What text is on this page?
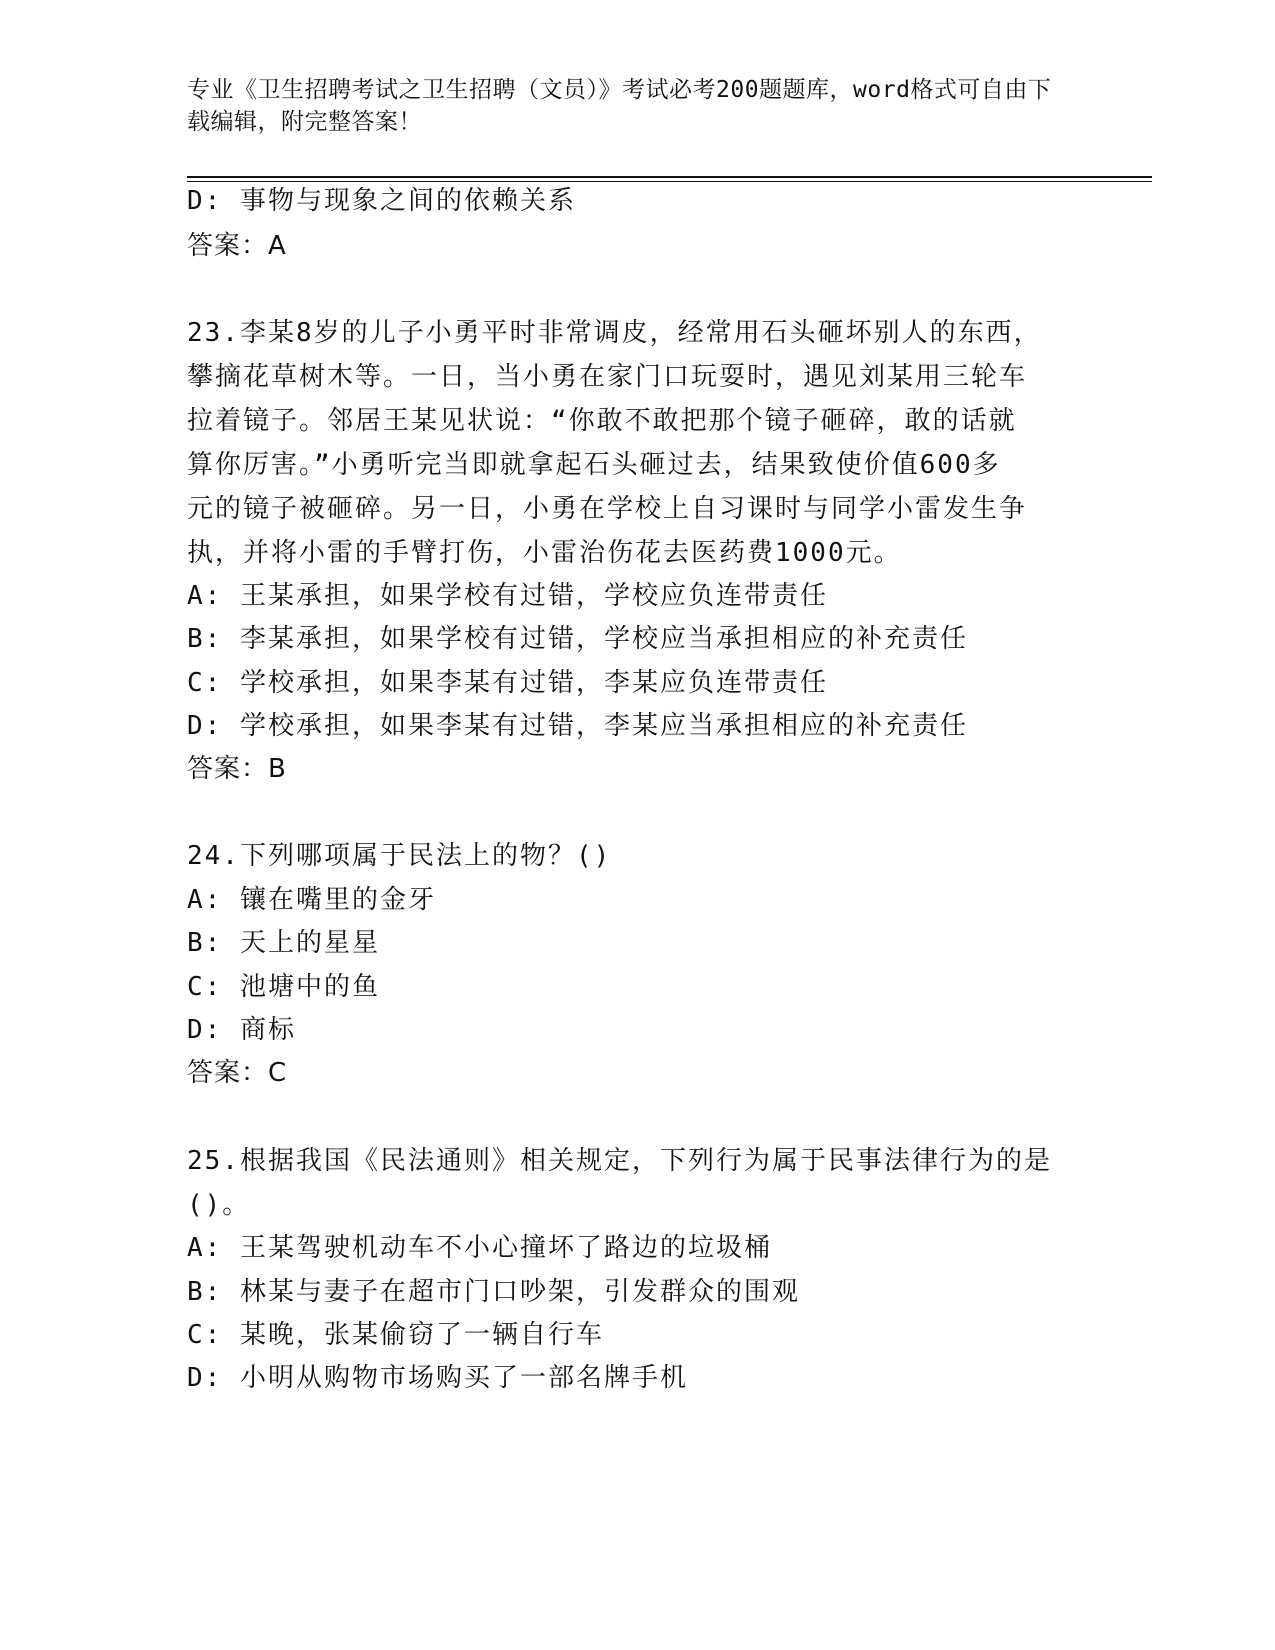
专业《卫生招聘考试之卫生招聘（文员）》考试必考200题题库，word格式可自由下载编辑，附完整答案！
D: 事物与现象之间的依赖关系
答案：A
23.李某8岁的儿子小勇平时非常调皮，经常用石头砸坏别人的东西，
攀摘花草树木等。一日，当小勇在家门口玩耍时，遇见刘某用三轮车
拉着镜子。邻居王某见状说：“你敢不敢把那个镜子砸碎，敢的话就
算你厉害。”小勇听完当即就拿起石头砸过去，结果致使价值600多
元的镜子被砸碎。另一日，小勇在学校上自习课时与同学小雷发生争
执，并将小雷的手臂打伤，小雷治伤花去医药费1000元。
A: 王某承担，如果学校有过错，学校应负连带责任
B: 李某承担，如果学校有过错，学校应当承担相应的补充责任
C: 学校承担，如果李某有过错，李某应负连带责任
D: 学校承担，如果李某有过错，李某应当承担相应的补充责任
答案：B
24.下列哪项属于民法上的物？()
A: 镶在嘴里的金牙
B: 天上的星星
C: 池塘中的鱼
D: 商标
答案：C
25.根据我国《民法通则》相关规定，下列行为属于民事法律行为的是
()。
A: 王某驾驶机动车不小心撞坏了路边的垃圾桶
B: 林某与妻子在超市门口吵架，引发群众的围观
C: 某晚，张某偷窃了一辆自行车
D: 小明从购物市场购买了一部名牌手机
